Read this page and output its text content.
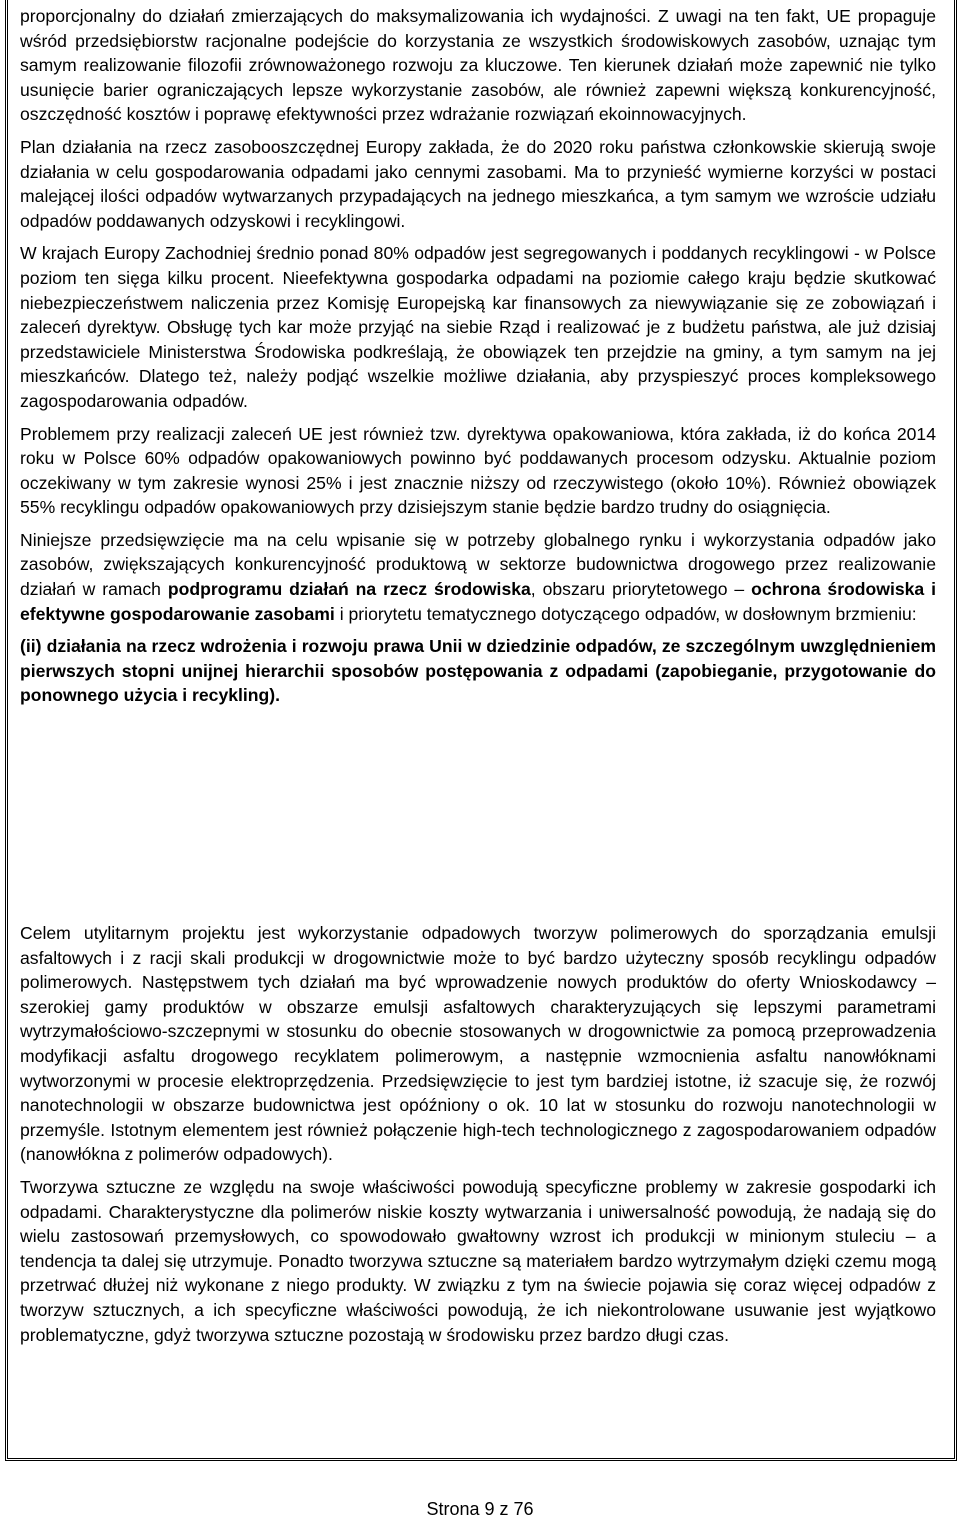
proporcjonalny do działań zmierzających do maksymalizowania ich wydajności. Z uwagi na ten fakt, UE propaguje wśród przedsiębiorstw racjonalne podejście do korzystania ze wszystkich środowiskowych zasobów, uznając tym samym realizowanie filozofii zrównoważonego rozwoju za kluczowe. Ten kierunek działań może zapewnić nie tylko usunięcie barier ograniczających lepsze wykorzystanie zasobów, ale również zapewni większą konkurencyjność, oszczędność kosztów i poprawę efektywności przez wdrażanie rozwiązań ekoinnowacyjnych.

Plan działania na rzecz zasobooszczędnej Europy zakłada, że do 2020 roku państwa członkowskie skierują swoje działania w celu gospodarowania odpadami jako cennymi zasobami. Ma to przynieść wymierne korzyści w postaci malejącej ilości odpadów wytwarzanych przypadających na jednego mieszkańca, a tym samym we wzroście udziału odpadów poddawanych odzyskowi i recyklingowi.

W krajach Europy Zachodniej średnio ponad 80% odpadów jest segregowanych i poddanych recyklingowi - w Polsce poziom ten sięga kilku procent. Nieefektywna gospodarka odpadami na poziomie całego kraju będzie skutkować niebezpieczeństwem naliczenia przez Komisję Europejską kar finansowych za niewywiązanie się ze zobowiązań i zaleceń dyrektyw. Obsługę tych kar może przyjąć na siebie Rząd i realizować je z budżetu państwa, ale już dzisiaj przedstawiciele Ministerstwa Środowiska podkreślają, że obowiązek ten przejdzie na gminy, a tym samym na jej mieszkańców. Dlatego też, należy podjąć wszelkie możliwe działania, aby przyspieszyć proces kompleksowego zagospodarowania odpadów.

Problemem przy realizacji zaleceń UE jest również tzw. dyrektywa opakowaniowa, która zakłada, iż do końca 2014 roku w Polsce 60% odpadów opakowaniowych powinno być poddawanych procesom odzysku. Aktualnie poziom oczekiwany w tym zakresie wynosi 25% i jest znacznie niższy od rzeczywistego (około 10%). Również obowiązek 55% recyklingu odpadów opakowaniowych przy dzisiejszym stanie będzie bardzo trudny do osiągnięcia.

Niniejsze przedsięwzięcie ma na celu wpisanie się w potrzeby globalnego rynku i wykorzystania odpadów jako zasobów, zwiększających konkurencyjność produktową w sektorze budownictwa drogowego przez realizowanie działań w ramach podprogramu działań na rzecz środowiska, obszaru priorytetowego – ochrona środowiska i efektywne gospodarowanie zasobami i priorytetu tematycznego dotyczącego odpadów, w dosłownym brzmieniu:

(ii) działania na rzecz wdrożenia i rozwoju prawa Unii w dziedzinie odpadów, ze szczególnym uwzględnieniem pierwszych stopni unijnej hierarchii sposobów postępowania z odpadami (zapobieganie, przygotowanie do ponownego użycia i recykling).

Celem utylitarnym projektu jest wykorzystanie odpadowych tworzyw polimerowych do sporządzania emulsji asfaltowych i z racji skali produkcji w drogownictwie może to być bardzo użyteczny sposób recyklingu odpadów polimerowych. Następstwem tych działań ma być wprowadzenie nowych produktów do oferty Wnioskodawcy – szerokiej gamy produktów w obszarze emulsji asfaltowych charakteryzujących się lepszymi parametrami wytrzymałościowo-szczepnymi w stosunku do obecnie stosowanych w drogownictwie za pomocą przeprowadzenia modyfikacji asfaltu drogowego recyklatem polimerowym, a następnie wzmocnienia asfaltu nanowłóknami wytworzonymi w procesie elektroprzędzenia. Przedsięwzięcie to jest tym bardziej istotne, iż szacuje się, że rozwój nanotechnologii w obszarze budownictwa jest opóźniony o ok. 10 lat w stosunku do rozwoju nanotechnologii w przemyśle. Istotnym elementem jest również połączenie high-tech technologicznego z zagospodarowaniem odpadów (nanowłókna z polimerów odpadowych).

Tworzywa sztuczne ze względu na swoje właściwości powodują specyficzne problemy w zakresie gospodarki ich odpadami. Charakterystyczne dla polimerów niskie koszty wytwarzania i uniwersalność powodują, że nadają się do wielu zastosowań przemysłowych, co spowodowało gwałtowny wzrost ich produkcji w minionym stuleciu – a tendencja ta dalej się utrzymuje. Ponadto tworzywa sztuczne są materiałem bardzo wytrzymałym dzięki czemu mogą przetrwać dłużej niż wykonane z niego produkty. W związku z tym na świecie pojawia się coraz więcej odpadów z tworzyw sztucznych, a ich specyficzne właściwości powodują, że ich niekontrolowane usuwanie jest wyjątkowo problematyczne, gdyż tworzywa sztuczne pozostają w środowisku przez bardzo długi czas.

Strona 9 z 76
